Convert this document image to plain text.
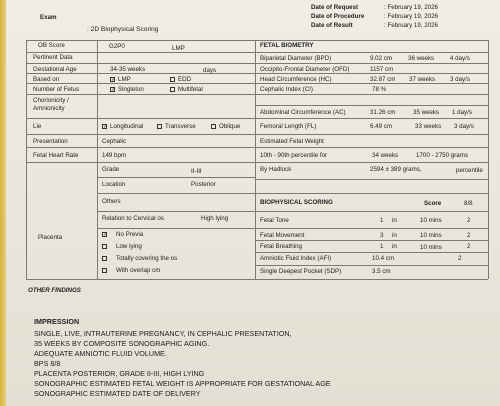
Exam
: 2D Biophysical Scoring
Date of Request	: February 19, 2026
Date of Procedure	: February 19, 2026
Date of Result	: February 19, 2026
OB Score	G2P0	LMP
Pertinent Data
Gestational Age	34-35 weeks	days
Based on	✓ LMP	EDD
Number of Fetus	✓ Singleton	Multifetal
Chorionicity / Amnionicity
Lie	✓ Longitudinal	Transverse	Oblique
Presentation	Cephalic
Fetal Heart Rate	149 bpm
Placenta
Grade	II-III
Location	Posterior
Others
Relation to Cervical os	High lying
✓ No Previa
Low lying
Totally covering the os
With overlap cm
FETAL BIOMETRY
Biparietal Diameter (BPD)	9.02 cm	36 weeks	4 day/s
Occipito-Frontal Diameter (OFD)	1157 cm
Head Circumference (HC)	32.87 cm 37 weeks 3 day/s
Cephalic Index (CI)	78 %
Abdominal Circumference (AC)	31.26 cm	35 weeks 1 day/s
Femoral Length (FL)	6.49 cm	33 weeks 3 day/s
Estimated Fetal Weight
10th - 90th percentile for	34 weeks	1700 - 2750 grams
By Hadlock	2594 ± 389 grams,	percentile
BIOPHYSICAL SCORING	Score	8/8
Fetal Tone	1 in	10 mins	2
Fetal Movement	3 in	10 mins	2
Fetal Breathing	1 in	10 mins	2
Amniotic Fluid Index (AFI)	10.4 cm	2
Single Deepest Pocket (SDP)	3.5 cm
OTHER FINDINGS
IMPRESSION
SINGLE, LIVE, INTRAUTERINE PREGNANCY, IN CEPHALIC PRESENTATION,
35 WEEKS BY COMPOSITE SONOGRAPHIC AGING.
ADEQUATE AMNIOTIC FLUID VOLUME.
BPS 8/8
PLACENTA POSTERIOR, GRADE II-III, HIGH LYING
SONOGRAPHIC ESTIMATED FETAL WEIGHT IS APPROPRIATE FOR GESTATIONAL AGE
SONOGRAPHIC ESTIMATED DATE OF DELIVERY
